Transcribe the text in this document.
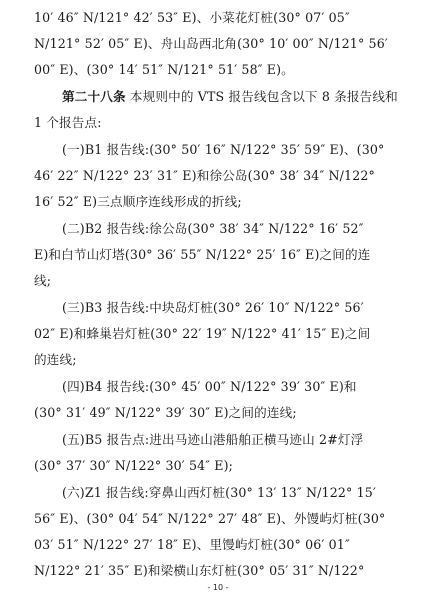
10′ 46″ N/121° 42′ 53″ E)、小菜花灯桩(30° 07′ 05″
N/121° 52′ 05″ E)、舟山岛西北角(30° 10′ 00″ N/121° 56′
00″ E)、(30° 14′ 51″ N/121° 51′ 58″ E)。
第二十八条 本规则中的 VTS 报告线包含以下 8 条报告线和
1 个报告点:
(一)B1 报告线:(30° 50′ 16″ N/122° 35′ 59″ E)、(30°
46′ 22″ N/122° 23′ 31″ E)和徐公岛(30° 38′ 34″ N/122°
16′ 52″ E)三点顺序连线形成的折线;
(二)B2 报告线:徐公岛(30° 38′ 34″ N/122° 16′ 52″
E)和白节山灯塔(30° 36′ 55″ N/122° 25′ 16″ E)之间的连
线;
(三)B3 报告线:中块岛灯桩(30° 26′ 10″ N/122° 56′
02″ E)和蜂巢岩灯桩(30° 22′ 19″ N/122° 41′ 15″ E)之间
的连线;
(四)B4 报告线:(30° 45′ 00″ N/122° 39′ 30″ E)和
(30° 31′ 49″ N/122° 39′ 30″ E)之间的连线;
(五)B5 报告点:进出马迹山港船舶正横马迹山 2#灯浮
(30° 37′ 30″ N/122° 30′ 54″ E);
(六)Z1 报告线:穿鼻山西灯桩(30° 13′ 13″ N/122° 15′
56″ E)、(30° 04′ 54″ N/122° 27′ 48″ E)、外馒屿灯桩(30°
03′ 51″ N/122° 27′ 18″ E)、里馒屿灯桩(30° 06′ 01″
N/122° 21′ 35″ E)和梁横山东灯桩(30° 05′ 31″ N/122°
- 10 -
